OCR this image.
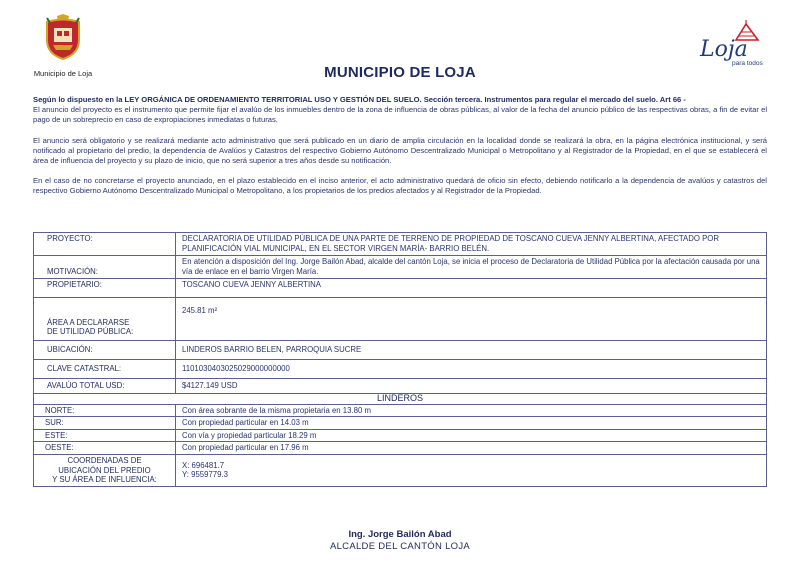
Municipio de Loja
Loja
para todos
MUNICIPIO DE LOJA

Según lo dispuesto en la LEY ORGÁNICA DE ORDENAMIENTO TERRITORIAL USO Y GESTIÓN DEL SUELO. Sección tercera. Instrumentos para regular el mercado del suelo. Art 66 -
El anuncio del proyecto es el instrumento que permite fijar el avalúo de los inmuebles dentro de la zona de influencia de obras públicas, al valor de la fecha del anuncio público de las respectivas obras, a fin de evitar el pago de un sobreprecio en caso de expropiaciones inmediatas o futuras.

El anuncio será obligatorio y se realizará mediante acto administrativo que será publicado en un diario de amplia circulación en la localidad donde se realizará la obra, en la página electrónica institucional, y será notificado al propietario del predio, la dependencia de Avalúos y Catastros del respectivo Gobierno Autónomo Descentralizado Municipal o Metropolitano y al Registrador de la Propiedad, en el que se establecerá el área de influencia del proyecto y su plazo de inicio, que no será superior a tres años desde su notificación.

En el caso de no concretarse el proyecto anunciado, en el plazo establecido en el inciso anterior, el acto administrativo quedará de oficio sin efecto, debiendo notificarlo a la dependencia de avalúos y catastros del respectivo Gobierno Autónomo Descentralizado Municipal o Metropolitano, a los propietarios de los predios afectados y al Registrador de la Propiedad.

PROYECTO:	DECLARATORIA DE UTILIDAD PÚBLICA DE UNA PARTE DE TERRENO DE PROPIEDAD DE TOSCANO CUEVA JENNY ALBERTINA, AFECTADO POR PLANIFICACIÓN VIAL MUNICIPAL, EN EL SECTOR VIRGEN MARÍA- BARRIO BELÉN.
MOTIVACIÓN:	En atención a disposición del Ing. Jorge Bailón Abad, alcalde del cantón Loja, se inicia el proceso de Declaratoria de Utilidad Pública por la afectación causada por una vía de enlace en el barrio Virgen María.
PROPIETARIO:	TOSCANO CUEVA JENNY ALBERTINA
ÁREA A DECLARARSE
DE UTILIDAD PÚBLICA:	245.81 m²
UBICACIÓN:	LINDEROS BARRIO BELEN, PARROQUIA SUCRE
CLAVE CATASTRAL:	1101030403025029000000000
AVALÚO TOTAL USD:	$4127.149 USD
LINDEROS	
NORTE:	Con área sobrante de la misma propietaria en 13.80 m
SUR:	Con propiedad particular en 14.03 m
ESTE:	Con vía y propiedad particular 18.29 m
OESTE:	Con propiedad particular en 17.96 m
COORDENADAS DE
UBICACIÓN DEL PREDIO
Y SU ÁREA DE INFLUENCIA:	X: 696481.7
Y: 9559779.3
Ing. Jorge Bailón Abad
ALCALDE DEL CANTÓN LOJA
